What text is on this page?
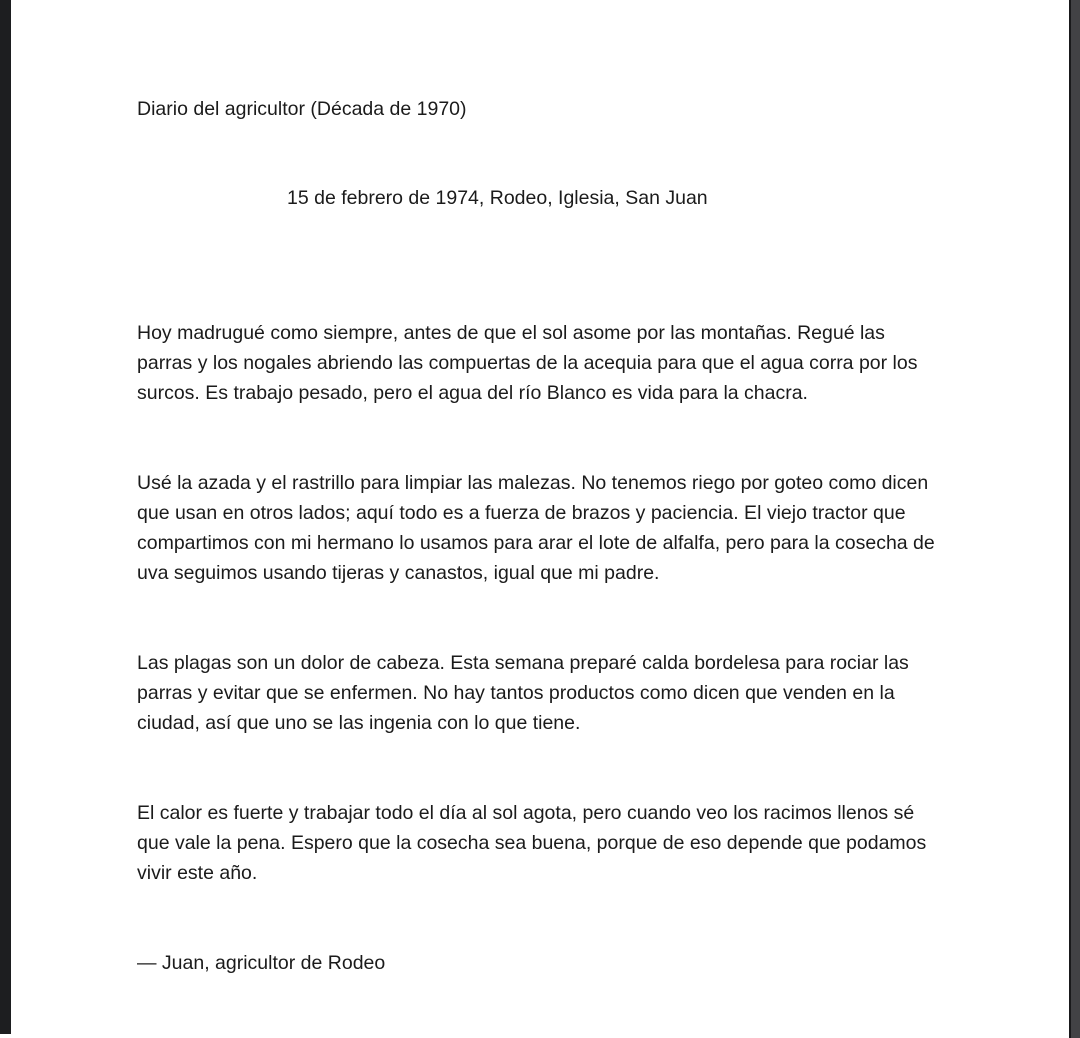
Diario del agricultor (Década de 1970)
15 de febrero de 1974, Rodeo, Iglesia, San Juan

Hoy madrugué como siempre, antes de que el sol asome por las montañas. Regué las parras y los nogales abriendo las compuertas de la acequia para que el agua corra por los surcos. Es trabajo pesado, pero el agua del río Blanco es vida para la chacra.

Usé la azada y el rastrillo para limpiar las malezas. No tenemos riego por goteo como dicen que usan en otros lados; aquí todo es a fuerza de brazos y paciencia. El viejo tractor que compartimos con mi hermano lo usamos para arar el lote de alfalfa, pero para la cosecha de uva seguimos usando tijeras y canastos, igual que mi padre.

Las plagas son un dolor de cabeza. Esta semana preparé calda bordelesa para rociar las parras y evitar que se enfermen. No hay tantos productos como dicen que venden en la ciudad, así que uno se las ingenia con lo que tiene.

El calor es fuerte y trabajar todo el día al sol agota, pero cuando veo los racimos llenos sé que vale la pena. Espero que la cosecha sea buena, porque de eso depende que podamos vivir este año.

— Juan, agricultor de Rodeo
